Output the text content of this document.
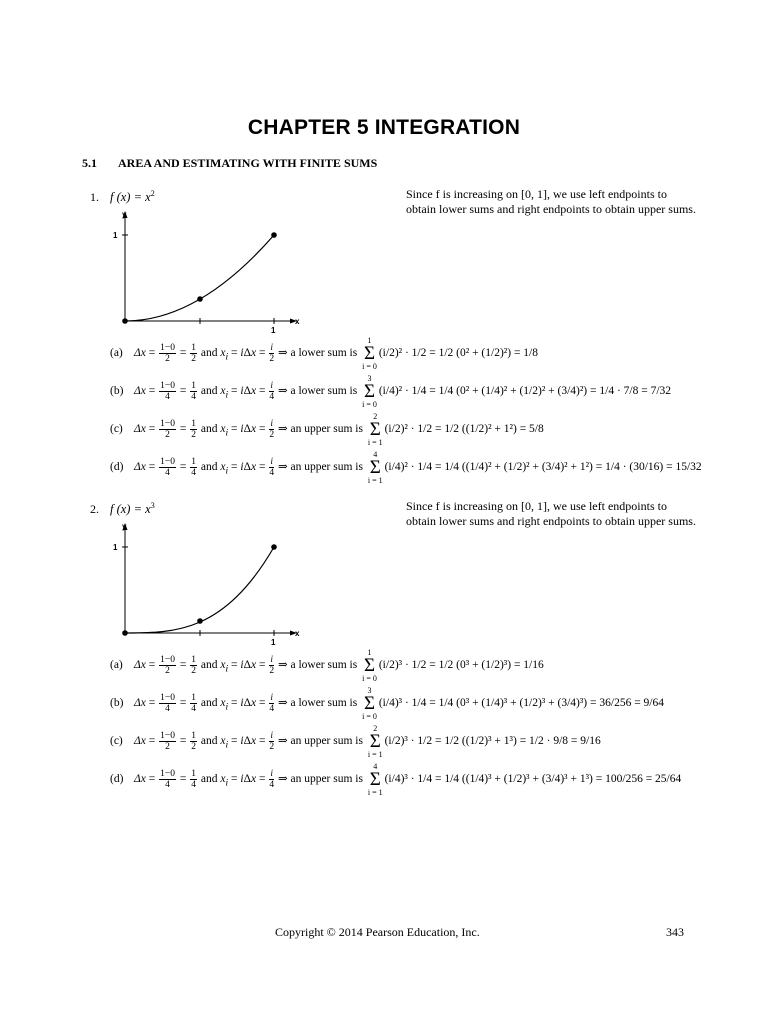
CHAPTER 5 INTEGRATION
5.1 AREA AND ESTIMATING WITH FINITE SUMS
1. f $(x) = x^2$	Since f is increasing on [0, 1], we use left endpoints to obtain lower sums and right endpoints to obtain upper sums.
y
x
1
1
(a) $\Delta x = \frac{1-0}{2} = \frac{1}{2}$ and $x_i = i\Delta x = \frac{i}{2}$ ⇒ a lower sum is
1
Σ
i = 0
(i/2)² · 1/2 = 1/2 (0² + (1/2)²) = 1/8
(b) $\Delta x = \frac{1-0}{4} = \frac{1}{4}$ and $x_i = i\Delta x = \frac{i}{4}$ ⇒ a lower sum is
3
Σ
i = 0
(i/4)² · 1/4 = 1/4 (0² + (1/4)² + (1/2)² + (3/4)²) = 1/4 · 7/8 = 7/32
(c) $\Delta x = \frac{1-0}{2} = \frac{1}{2}$ and $x_i = i\Delta x = \frac{i}{2}$ ⇒ an upper sum is
2
Σ
i = 1
(i/2)² · 1/2 = 1/2 ((1/2)² + 1²) = 5/8
(d) $\Delta x = \frac{1-0}{4} = \frac{1}{4}$ and $x_i = i\Delta x = \frac{i}{4}$ ⇒ an upper sum is
4
Σ
i = 1
(i/4)² · 1/4 = 1/4 ((1/4)² + (1/2)² + (3/4)² + 1²) = 1/4 · (30/16) = 15/32
2. f $(x) = x^3$	Since f is increasing on [0, 1], we use left endpoints to obtain lower sums and right endpoints to obtain upper sums.
y
x
1
1
(a) $\Delta x = \frac{1-0}{2} = \frac{1}{2}$ and $x_i = i\Delta x = \frac{i}{2}$ ⇒ a lower sum is
1
Σ
i = 0
(i/2)³ · 1/2 = 1/2 (0³ + (1/2)³) = 1/16
(b) $\Delta x = \frac{1-0}{4} = \frac{1}{4}$ and $x_i = i\Delta x = \frac{i}{4}$ ⇒ a lower sum is
3
Σ
i = 0
(i/4)³ · 1/4 = 1/4 (0³ + (1/4)³ + (1/2)³ + (3/4)³) = 36/256 = 9/64
(c) $\Delta x = \frac{1-0}{2} = \frac{1}{2}$ and $x_i = i\Delta x = \frac{i}{2}$ ⇒ an upper sum is
2
Σ
i = 1
(i/2)³ · 1/2 = 1/2 ((1/2)³ + 1³) = 1/2 · 9/8 = 9/16
(d) $\Delta x = \frac{1-0}{4} = \frac{1}{4}$ and $x_i = i\Delta x = \frac{i}{4}$ ⇒ an upper sum is
4
Σ
i = 1
(i/4)³ · 1/4 = 1/4 ((1/4)³ + (1/2)³ + (3/4)³ + 1³) = 100/256 = 25/64
Copyright © 2014 Pearson Education, Inc.	343
